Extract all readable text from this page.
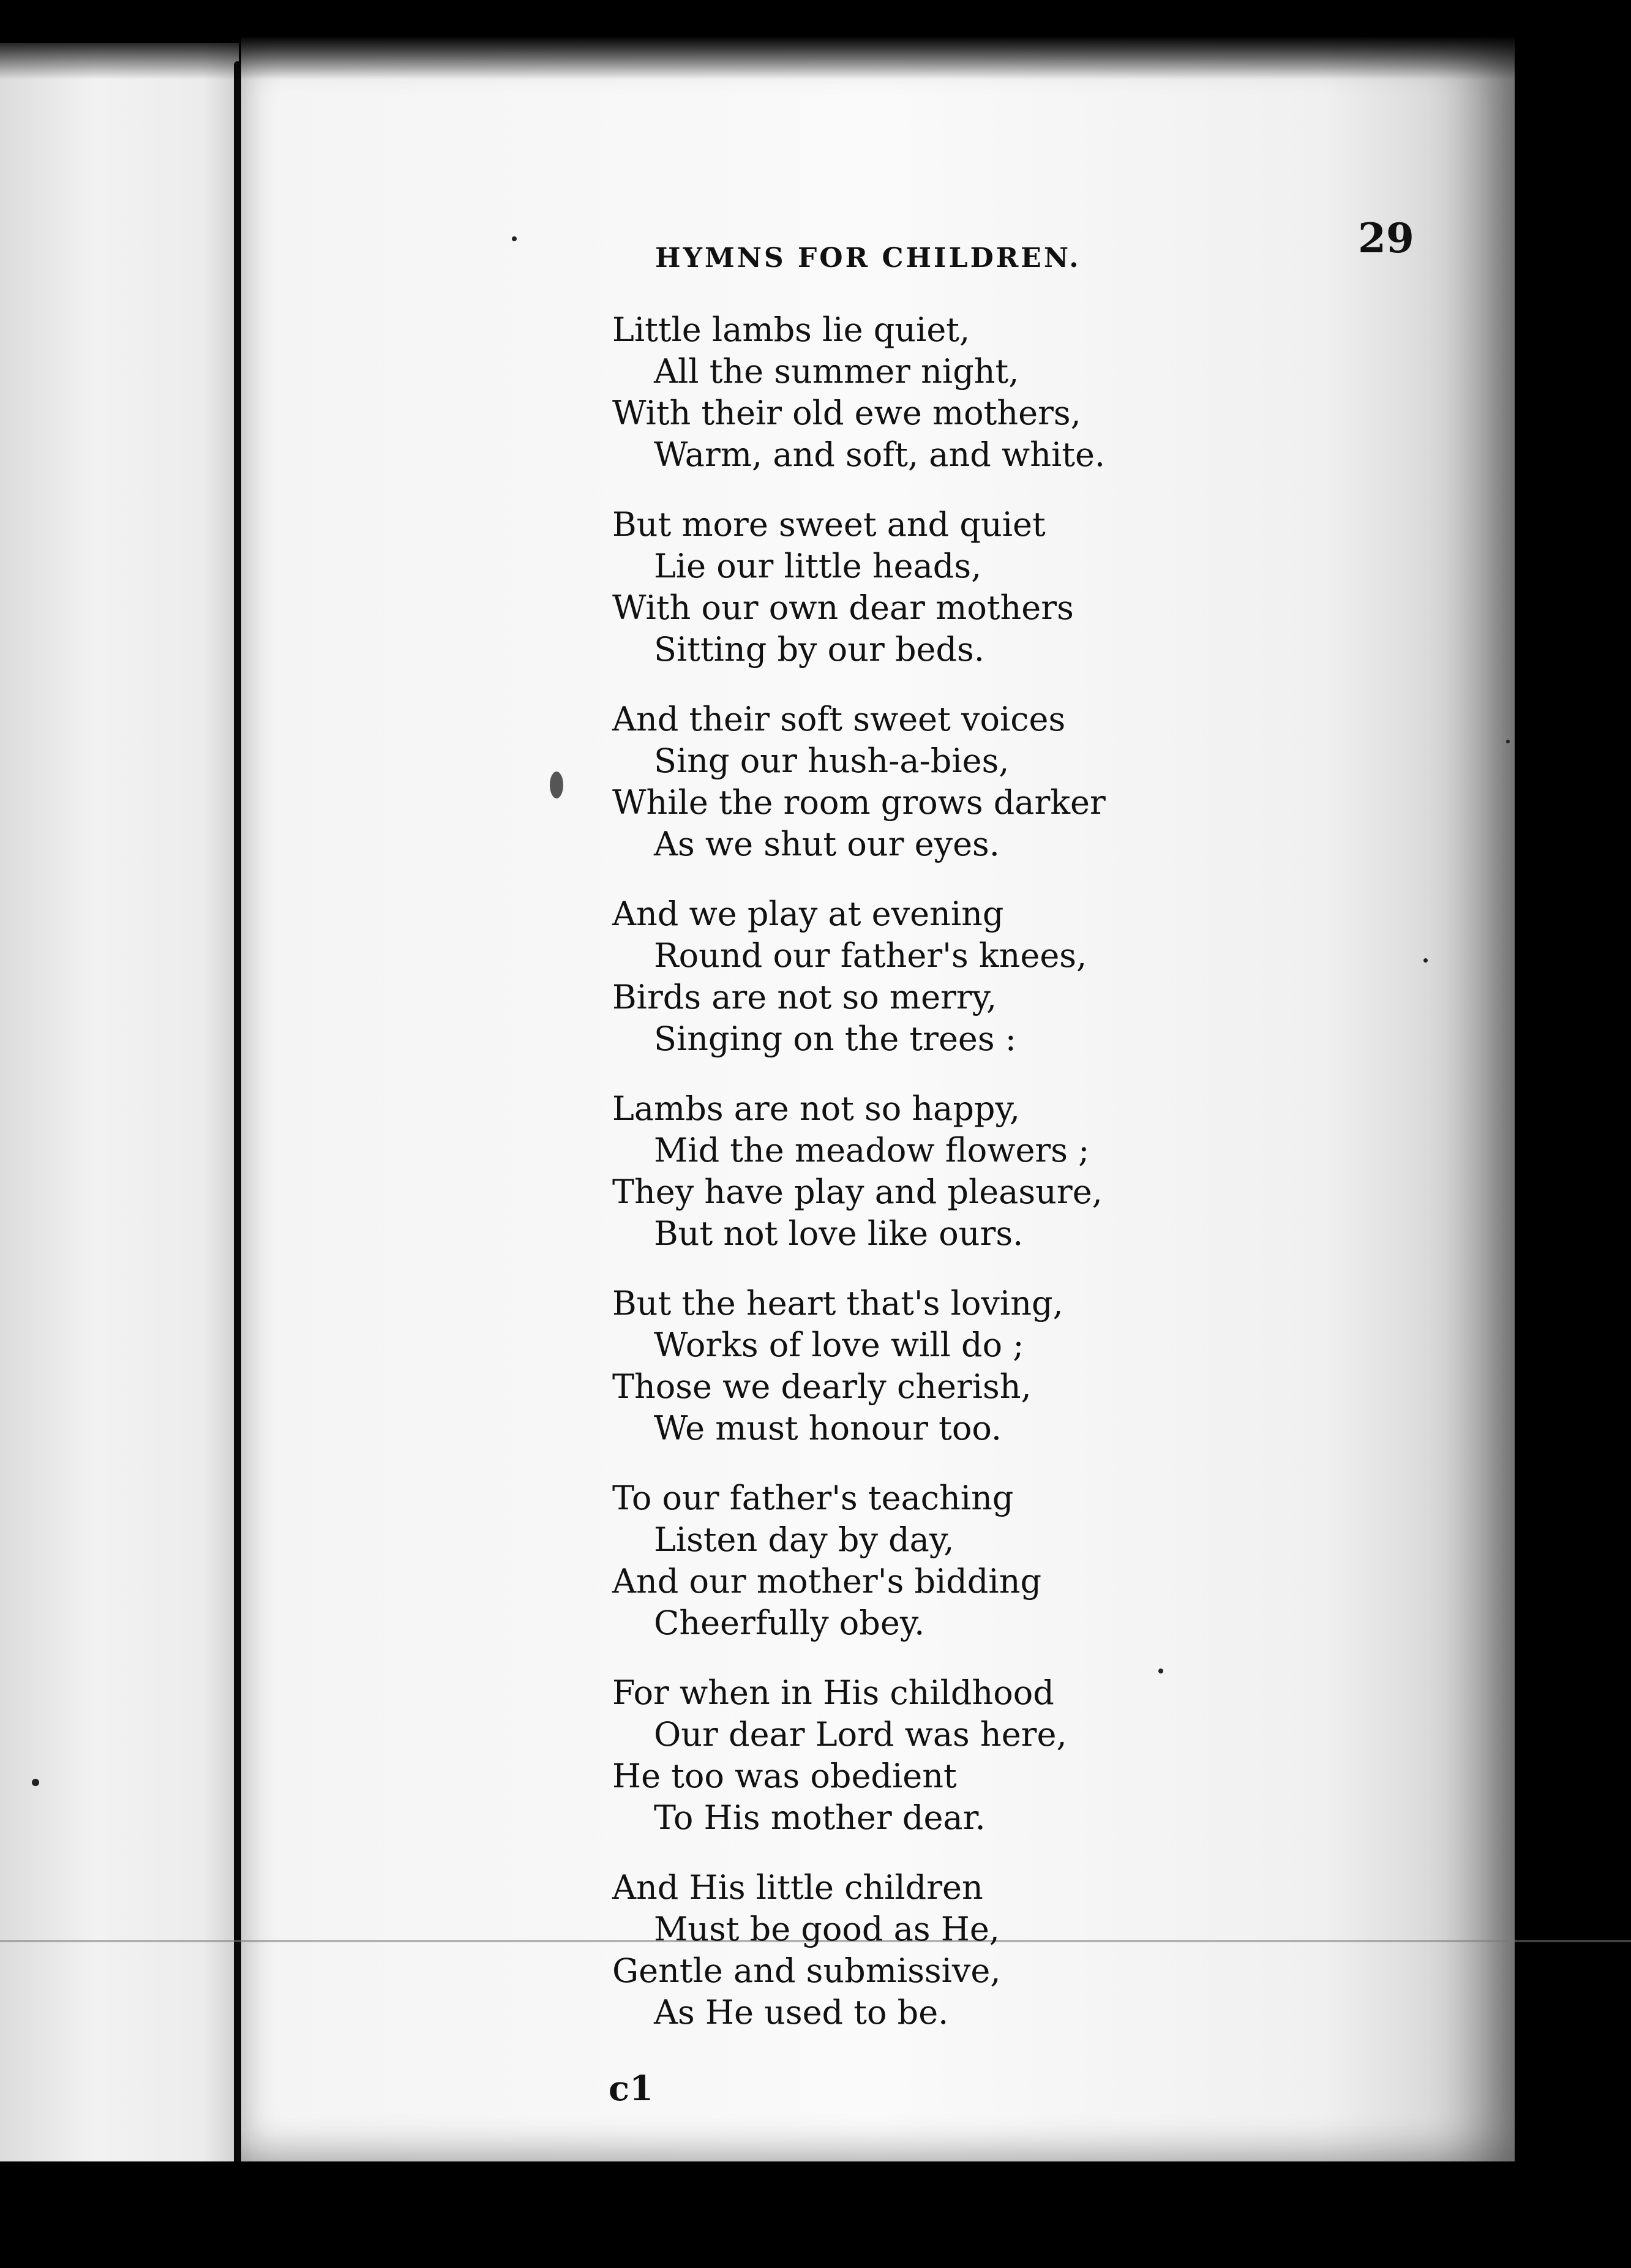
HYMNS FOR CHILDREN.	29
Little lambs lie quiet,
All the summer night,
With their old ewe mothers,
Warm, and soft, and white.
But more sweet and quiet
Lie our little heads,
With our own dear mothers
Sitting by our beds.
And their soft sweet voices
Sing our hush-a-bies,
While the room grows darker
As we shut our eyes.
And we play at evening
Round our father's knees,
Birds are not so merry,
Singing on the trees :
Lambs are not so happy,
Mid the meadow flowers ;
They have play and pleasure,
But not love like ours.
But the heart that's loving,
Works of love will do ;
Those we dearly cherish,
We must honour too.
To our father's teaching
Listen day by day,
And our mother's bidding
Cheerfully obey.
For when in His childhood
Our dear Lord was here,
He too was obedient
To His mother dear.
And His little children
Must be good as He,
Gentle and submissive,
As He used to be.
c1
